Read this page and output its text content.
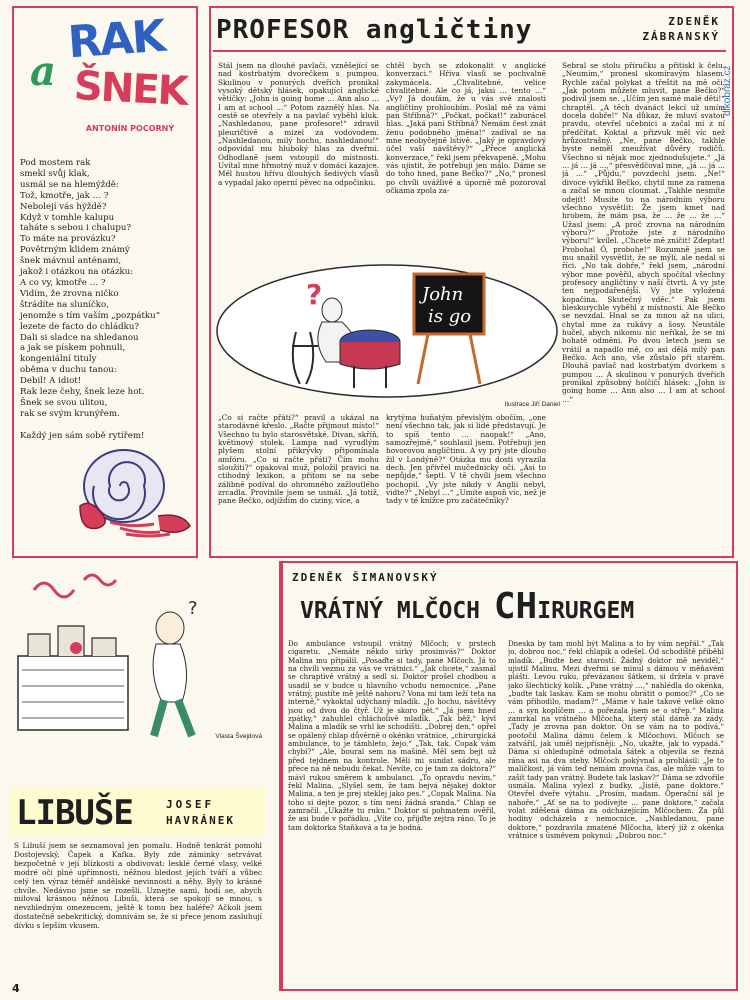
RAK
a ŠNEK
ANTONÍN POCORNÝ
Pod mostem rak
smekl svůj klak,
usmál se na hlemýždě:
Tož, kmotře, jak … ?
Nebolejí vás hýždě?
Když v tomhle kalupu
taháte s sebou i chalupu?
To máte na provázku?
Povětrným klidem známý
šnek mávnul anténami,
jakož i otázkou na otázku:
A co vy, kmotře … ?
Vidím, že zrovna ničko
štrádíte na sluníčko,
jenomže s tím vaším „pozpátku“
lezete de facto do chládku?
Dali si sladce na shledanou
a jak se pískem pohnuli,
kongeniální tituly
oběma v duchu tanou:
Debil! A idiot!
Rak leze čehy, šnek leze hot.
Šnek se svou ulitou,
rak se svým krunýřem.

Každý jen sám sobě rytířem!
PROFESOR angličtiny	ZDENĚK
ZÁBRANSKÝ
Stál jsem na dlouhé pavlači, vzněšející se nad kostrbatým dvorečkem s pumpou. Skulinou v ponurých dveřích pronikal vysoký dětský hlásek, opakující anglické větičky: „John is going home … Ann also … I am at school …“ Potom zaznělý hlas. Na cestě se otevřely a na pavlač vyběhl kluk. „Nashledanou, pane profesore!“ zdravil pleuričtivě a mizel za vodovodem. „Nashledanou, milý hochu, nashledanou!“ odpovídal mu hluboký hlas za dveřmi. Odhodlaně jsem vstoupil do místnosti. Uvítal mne hřmotný muž v domácí kazajce. Měl hustou hřívu dlouhých šedivých vlasů a vypadal jako operní pěvec na odpočinku.
chtěl bych se zdokonalit v anglické konverzaci.“ Hříva vlasů se pochvalně zakymácela. „Chvalitebné, velice chvalitebné. Ale co já, jaksi … tento …“ „Vy? Já doufám, že u vás své znalosti angličtiny prohloubím. Poslal mě za vámi pan Stříbná?“ „Počkat, počkat!“ zaburácel hlas. „Jaká paní Stříbná? Nemám čest znát ženu podobného jména!“ zadíval se na mne neobyčejně lstivě. „Jaký je opravdový účel vaší návštěvy?“ „Přece anglická konverzace,“ řekl jsem překvapeně. „Mohu vás ujistit, že potřebuji jen málo. Dáme se do toho hned, pane Bečko?“ „No,“ pronesl po chvíli uvážlivě a úporně mě pozoroval očkama zpola za-
Sebral se stolu příručku a přitiskl k čelu. „Neumím,“ pronesl skomíravým hlasem. Rychle začal polykat a třeštit na mě oči. „Jak potom můžete mluvit, pane Bečko?“ podivil jsem se. „Učím jen samé malé děti!“ chraptěl. „A těch dvanáct lekcí už umím docela dobře!“ Na důkaz, že mluví svatou pravdu, otevřel učebnici a začal mi z ní předčítat. Koktal a přizvuk měl víc než hrůzostrašný. „Ne, pane Bečko, takhle byste neměl zneužívat důvěry rodičů. Všechno si nějak moc zjednodušujete.“ „Já … já … já …,“ přesvědčoval mne, „já … já … já …“ „Půjdu,“ povzdechl jsem. „Ne!“ divoce vykřikl Bečko, chytil mne za ramena a začal se mnou cloumat. „Takhle nesmíte odejít! Musíte to na národním výboru všechno vysvětlit: Že jsem kmet nad hrobem, že mám psa, že … že … že …“ Užasl jsem: „A proč zrovna na národním výboru?“ „Protože jste z národního výboru!“ kvílel. „Chcete mě zničit! Zdeptat! Probohal Ó, probohe!“ Rozumně jsem se mu snažil vysvětlit, že se mýlí, ale nedal si říci. „No tak dobře,“ řekl jsem, „národní výbor mne pověřil, abych spočítal všechny profesory angličtiny v naší čtvrti. A vy jste ten nejpodařenější. Vy jste vyložená kopačina. Skutečný vděc.“ Pak jsem bleskurychle vyběhl z místnosti. Ale Bečko se nevzdal. Hnal se za mnou až na ulici, chytal mne za rukávy a šosy. Neustále hučel, abych nikomu nic neříkal, že se mi bohatě odměni. Po dvou letech jsem se vrátil a napadlo mě, co asi dělá milý pan Bečko. Ach ano, vše zůstalo při starém. Dlouhá pavlač nad kostrbatým dvorkem s pumpou … A skulinou v ponurých dveřích pronikal způsobný holčičí hlásek: „John is going home … Ann also … I am at school …“
?	John
is go
Ilustrace Jiří Daniel
„Co si račte přáti?“ pravil a ukázal na starodávné křeslo. „Račte přijmout místo!“ Všechno tu bylo starosvětské. Divan, skříň, květinový stolek. Lampa nad vyrudlým plyšem stolní přikrývky připomínala amfóru. „Co si račte přáti? Čím mohu sloužiti?“ opakoval muž, položil pravici na ctihodný lexikon, a přitom se na sebe zálibně podíval do ohromného zažloutlého zrcadla. Provinile jsem se usmál. „Já totiž, pane Bečko, odjíždím do ciziny, více, a
krytýma huňatým převislým obočím, „one není všechno tak, jak si lidé představují. Je to spíš tento … naopak!“ „Ano, samozřejmě,“ souhlasil jsem. Potřebuji jen hovorovou angličtinu. A vy prý jste dlouho žil v Londýně?“ Otázka mu dosti vyrazila dech. Jen přivřel mučednicky oči. „Asi to nepůjde,“ šeptl. V tě chvíli jsem všechno pochopil. „Vy jste nikdy v Anglii nebyl, vidte?“ „Nebyl …“ „Umíte aspoň víc, než je tady v té knížce pro začátečníky?
dikobraz.cz
?
Vlasta Švejdová
LIBUŠE	JOSEF
HAVRÁNEK
S Libuší jsem se seznamoval jen pomalu. Hodně tenkrát pomohl Dostojevský, Čapek a Kafka. Byly zde záminky setrvávat bezpočetně v její blízkosti a obdivovat: lesklé černé vlasy, velké modré oči plné upřímnosti, něžnou bledost jejích tváří a vůbec celý ten výraz téměř andělské nevinnosti a něhy. Byly to krásné chvíle. Nedávno jsme se rozešli. Uznejte sami, hodí se, abych miloval krásnou něžnou Libuši, která se spokojí se mnou, s nevzhledným omezencem, ještě k tomu bez haléře? Ačkoli jsem dostatečně sebekritický, domnívám se, že si přece jenom zasluhují dívku s lepším vkusem.
ZDENĚK ŠIMANOVSKÝ
VRÁTNÝ MLČOCH CHIRURGEM
Do ambulance vstoupil vrátný Mlčoch; v prstech cigaretu. „Nemáte někdo sirky prosimvás?“ Doktor Malina mu připálil. „Posaďte si tady, pane Mlčoch. Já to na chvíli vezmu za vás ve vrátnici.“ „Jak chcete,“ zasmál se chraptivě vrátný a sedl si. Doktor prošel chodbou a usadil se v budce u hlavního vchodu nemocnice. „Pane vrátný, pustíte mě ještě nahoru? Vona mi tam leží teta na interně,“ vykoktal udýchaný mladík. „Jo hochu, návštěvy jsou od dvou do čtyř. Už je skoro pět.“ „Já jsem hned zpátky,“ zahuhlel chlácholivě mladík. „Tak běž,“ kývl Malina a mladík se vrhl ke schodišti. „Dobrej den,“ opřel se opálený chlap důvěrně o okénko vrátnice, „chirurgická ambulance, to je támhleto, žejo.“ „Tak, tak. Copak vám chybí?“ „Ale, boural sem na mašině. Měl sem bejt už před tejdnem na kontrole. Měli mi sundat sádru, ale přece na ně nebudu čekat. Nevíte, co je tam za doktora?“ mávl rukou směrem k ambulanci. „To opravdu nevím,“ řekl Malina. „Slyšel sem, že tam bejvá nějakej doktor Malina, a ten je prej steklej jako pes.“ „Copak Malina. Na toho si dejte pozor, s tím není žádná sranda.“ Chlap se zamračil. „Ukažte tu ruku.“ Doktor si pohmatem ověřil, že asi bude v pořádku. „Víte co, přijďte zejtra ráno. To je tam doktorka Staňková a ta je hodná.
Dneska by tam mohl být Malina a to by vám nepřál.“ „Tak jo, dobrou noc,“ řekl chlapík a odešel. Od schodiště přiběhl mladík. „Budte bez starostí. Žádný doktor mě neviděl,“ ujistil Malinu. Mezi dveřmi se minul s dámou v měňavém plášti. Levou ruku, převázanou šátkem, si držela v pravé jako šlechtický kolík. „Pane vrátný …,“ nahlédla do okénka, „budte tak laskav. Kam se mohu obrátit o pomoc?“ „Co se vám přihodilo, madam?“ „Máme v hale takové velké okno … a syn koplíčem … a pořezala jsem se o střep.“ Malina zamrkal na vrátného Mlčocha, který stál dámě za zády. „Tady je zrovna pan doktor. On se vám na to podívá,“ pootočil Malina dámu čelem k Mlčochovi. Mlčoch se zatvářil, jak uměl nejpřísněji: „No, ukažte, jak to vypadá.“ Dáma si ohleduplně odmotala šátek a objevila se řezná rána asi na dva stehy. Mlčoch pokývnal a prohlásil: „Je to maličkost, já vám teď nemám zrovna čas, ale může vám to zašít tady pan vrátný. Budete tak laskav?“ Dáma se zdvořile usmála. Malina vylezl z budky. „Jistě, pane doktore.“ Otevřel dveře výtahu. „Prosím, madam. Operační sál je nahoře.“ „Ať se na to podívejte … pane doktore,“ začala volat zděšená dáma za odcházejícím Mlčochem. Za půl hodiny odcházela z nemocnice. „Nashledanou, pane doktore,“ pozdravila zmatené Mlčocha, který již z okénka vrátnice s úsměvem pokynul: „Dobrou noc.“
4
